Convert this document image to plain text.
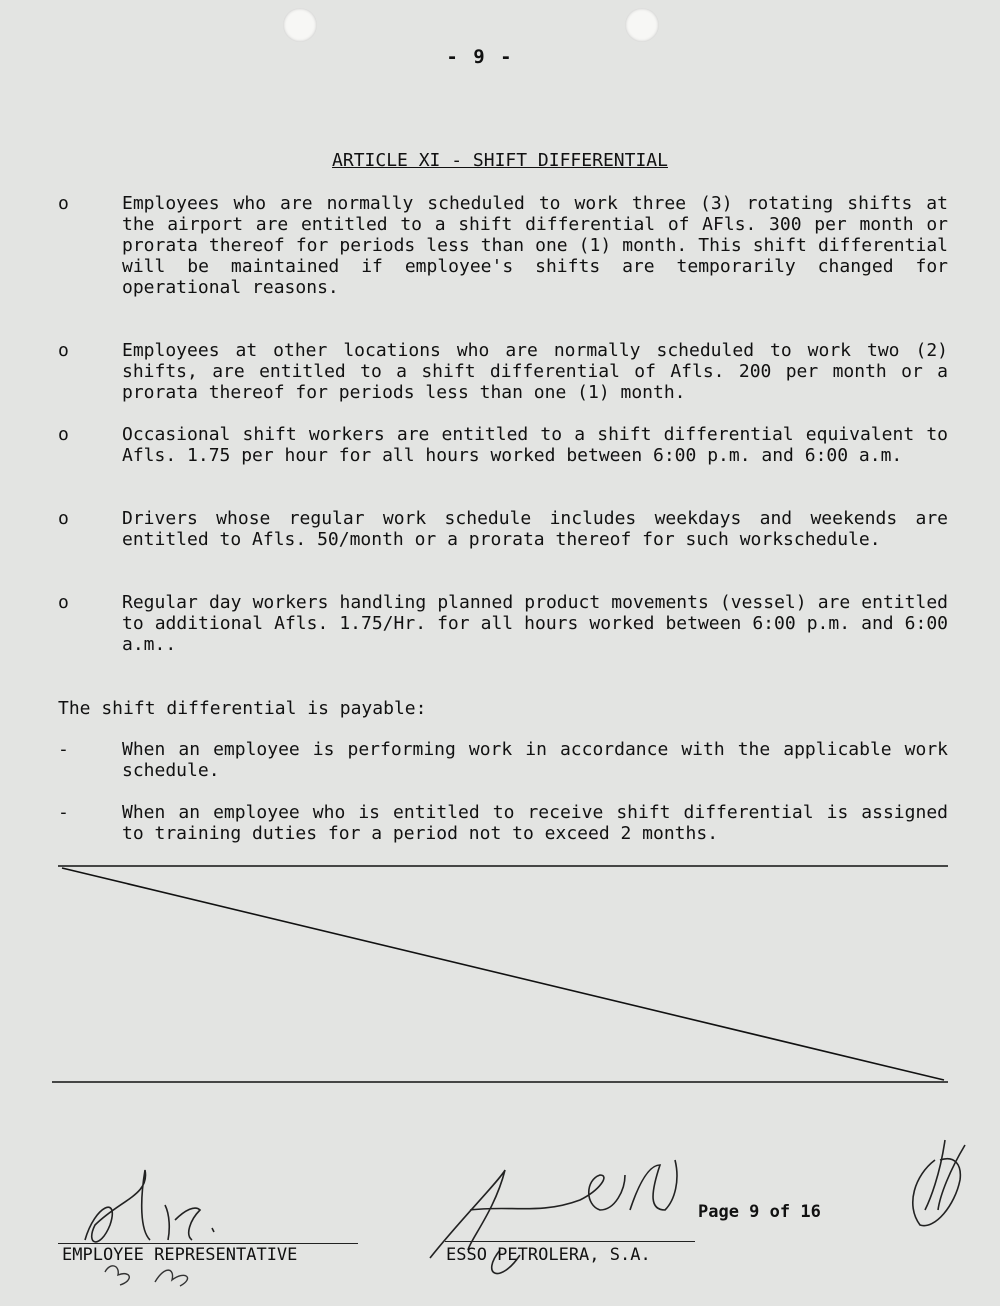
- 9 -
ARTICLE XI - SHIFT DIFFERENTIAL
o	Employees who are normally scheduled to work three (3) rotating shifts at the airport are entitled to a shift differential of AFls. 300 per month or prorata thereof for periods less than one (1) month. This shift differential will be maintained if employee's shifts are temporarily changed for operational reasons.
o	Employees at other locations who are normally scheduled to work two (2) shifts, are entitled to a shift differential of Afls. 200 per month or a prorata thereof for periods less than one (1) month.
o	Occasional shift workers are entitled to a shift differential equivalent to Afls. 1.75 per hour for all hours worked between 6:00 p.m. and 6:00 a.m.
o	Drivers whose regular work schedule includes weekdays and weekends are entitled to Afls. 50/month or a prorata thereof for such workschedule.
o	Regular day workers handling planned product movements (vessel) are entitled to additional Afls. 1.75/Hr. for all hours worked between 6:00 p.m. and 6:00 a.m..
The shift differential is payable:
-	When an employee is performing work in accordance with the applicable work schedule.
-	When an employee who is entitled to receive shift differential is assigned to training duties for a period not to exceed 2 months.
EMPLOYEE REPRESENTATIVE	ESSO PETROLERA, S.A.
Page 9 of 16
